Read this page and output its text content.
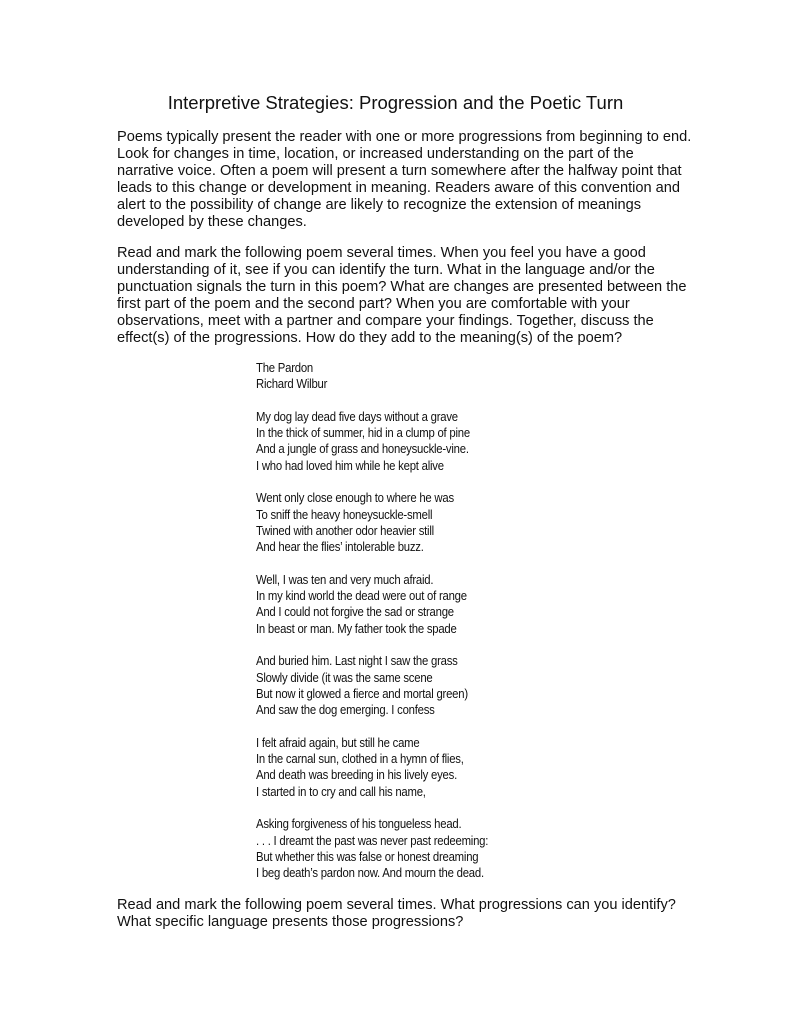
Interpretive Strategies: Progression and the Poetic Turn

Poems typically present the reader with one or more progressions from beginning to end.
Look for changes in time, location, or increased understanding on the part of the
narrative voice. Often a poem will present a turn somewhere after the halfway point that
leads to this change or development in meaning. Readers aware of this convention and
alert to the possibility of change are likely to recognize the extension of meanings
developed by these changes.

Read and mark the following poem several times. When you feel you have a good
understanding of it, see if you can identify the turn. What in the language and/or the
punctuation signals the turn in this poem? What are changes are presented between the
first part of the poem and the second part? When you are comfortable with your
observations, meet with a partner and compare your findings. Together, discuss the
effect(s) of the progressions. How do they add to the meaning(s) of the poem?

The Pardon
Richard Wilbur
My dog lay dead five days without a grave
In the thick of summer, hid in a clump of pine
And a jungle of grass and honeysuckle-vine.
I who had loved him while he kept alive
Went only close enough to where he was
To sniff the heavy honeysuckle-smell
Twined with another odor heavier still
And hear the flies’ intolerable buzz.
Well, I was ten and very much afraid.
In my kind world the dead were out of range
And I could not forgive the sad or strange
In beast or man. My father took the spade
And buried him. Last night I saw the grass
Slowly divide (it was the same scene
But now it glowed a fierce and mortal green)
And saw the dog emerging. I confess
I felt afraid again, but still he came
In the carnal sun, clothed in a hymn of flies,
And death was breeding in his lively eyes.
I started in to cry and call his name,
Asking forgiveness of his tongueless head.
. . . I dreamt the past was never past redeeming:
But whether this was false or honest dreaming
I beg death’s pardon now. And mourn the dead.

Read and mark the following poem several times. What progressions can you identify?
What specific language presents those progressions?
